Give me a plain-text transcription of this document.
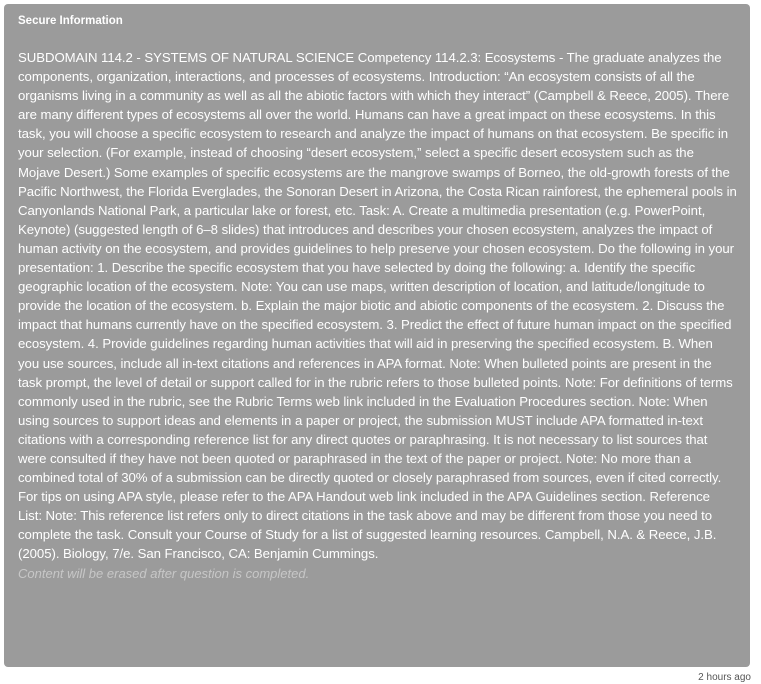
Secure Information

SUBDOMAIN 114.2 - SYSTEMS OF NATURAL SCIENCE Competency 114.2.3: Ecosystems - The graduate analyzes the components, organization, interactions, and processes of ecosystems. Introduction: “An ecosystem consists of all the organisms living in a community as well as all the abiotic factors with which they interact” (Campbell & Reece, 2005). There are many different types of ecosystems all over the world. Humans can have a great impact on these ecosystems. In this task, you will choose a specific ecosystem to research and analyze the impact of humans on that ecosystem. Be specific in your selection. (For example, instead of choosing “desert ecosystem,” select a specific desert ecosystem such as the Mojave Desert.) Some examples of specific ecosystems are the mangrove swamps of Borneo, the old-growth forests of the Pacific Northwest, the Florida Everglades, the Sonoran Desert in Arizona, the Costa Rican rainforest, the ephemeral pools in Canyonlands National Park, a particular lake or forest, etc. Task: A. Create a multimedia presentation (e.g. PowerPoint, Keynote) (suggested length of 6–8 slides) that introduces and describes your chosen ecosystem, analyzes the impact of human activity on the ecosystem, and provides guidelines to help preserve your chosen ecosystem. Do the following in your presentation: 1. Describe the specific ecosystem that you have selected by doing the following: a. Identify the specific geographic location of the ecosystem. Note: You can use maps, written description of location, and latitude/longitude to provide the location of the ecosystem. b. Explain the major biotic and abiotic components of the ecosystem. 2. Discuss the impact that humans currently have on the specified ecosystem. 3. Predict the effect of future human impact on the specified ecosystem. 4. Provide guidelines regarding human activities that will aid in preserving the specified ecosystem. B. When you use sources, include all in-text citations and references in APA format. Note: When bulleted points are present in the task prompt, the level of detail or support called for in the rubric refers to those bulleted points. Note: For definitions of terms commonly used in the rubric, see the Rubric Terms web link included in the Evaluation Procedures section. Note: When using sources to support ideas and elements in a paper or project, the submission MUST include APA formatted in-text citations with a corresponding reference list for any direct quotes or paraphrasing. It is not necessary to list sources that were consulted if they have not been quoted or paraphrased in the text of the paper or project. Note: No more than a combined total of 30% of a submission can be directly quoted or closely paraphrased from sources, even if cited correctly. For tips on using APA style, please refer to the APA Handout web link included in the APA Guidelines section. Reference List: Note: This reference list refers only to direct citations in the task above and may be different from those you need to complete the task. Consult your Course of Study for a list of suggested learning resources. Campbell, N.A. & Reece, J.B. (2005). Biology, 7/e. San Francisco, CA: Benjamin Cummings.

Content will be erased after question is completed.

2 hours ago
